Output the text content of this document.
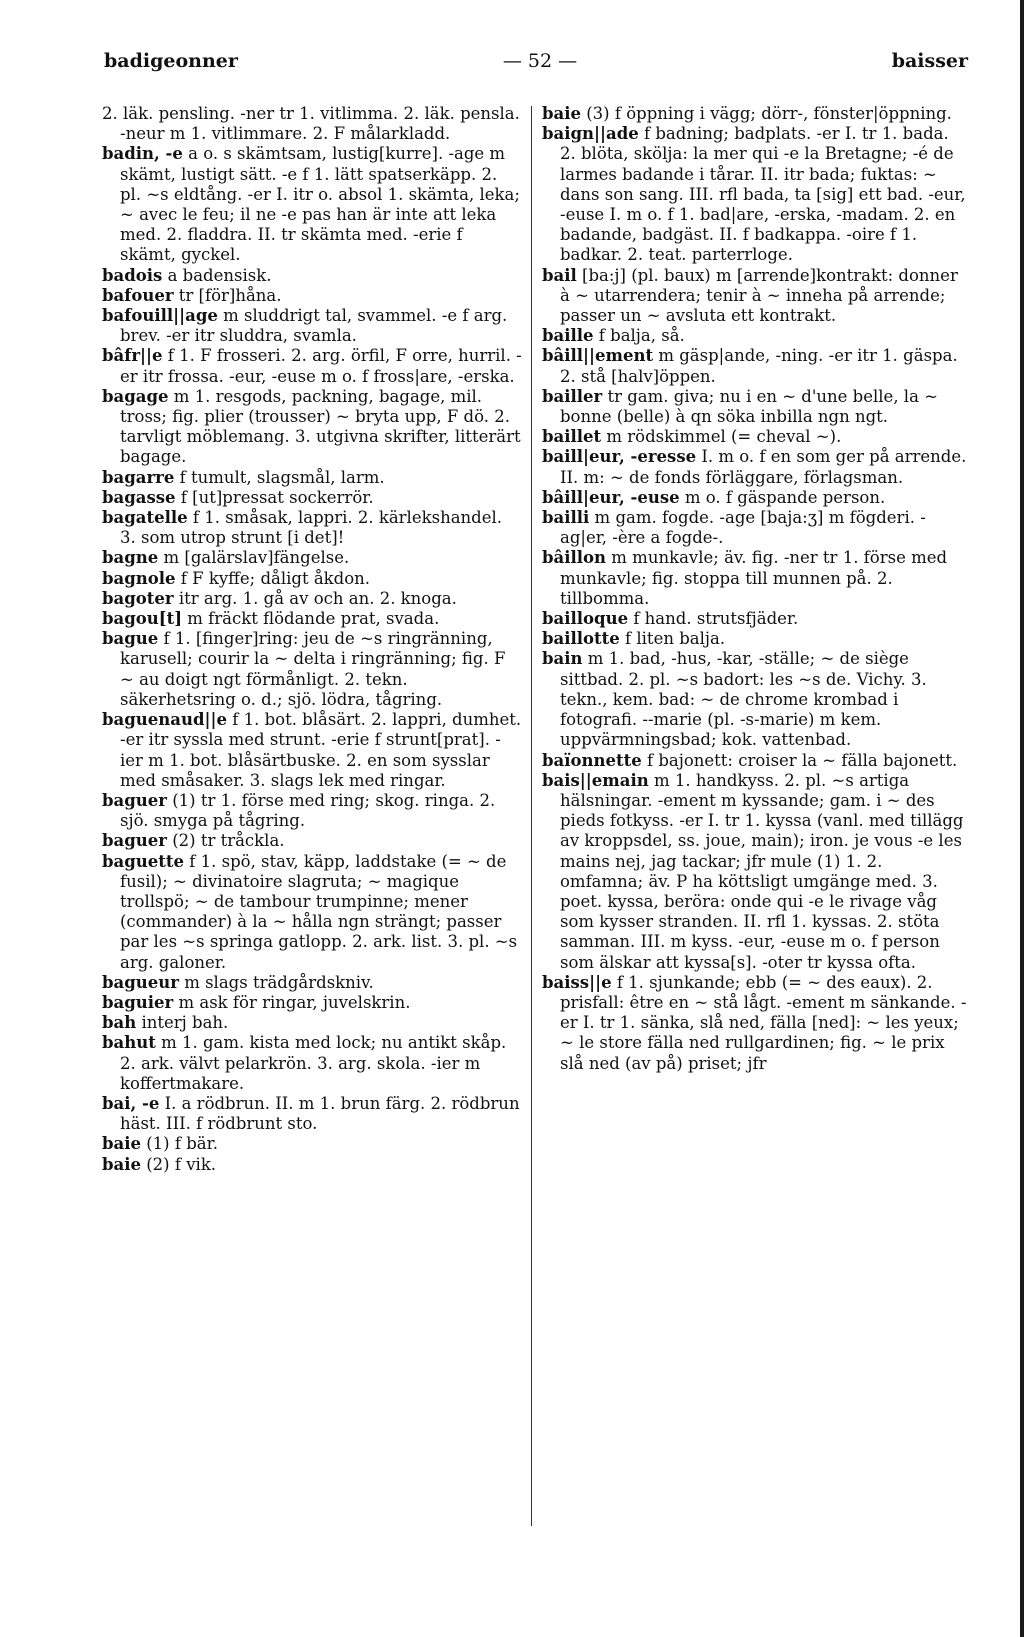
badigeonner	— 52 —	baisser

2. läk. pensling. -ner tr 1. vitlimma. 2. läk. pensla. -neur m 1. vitlimmare. 2. F målarkladd.

badin, -e a o. s skämtsam, lustig[kurre]. -age m skämt, lustigt sätt. -e f 1. lätt spatserkäpp. 2. pl. ~s eldtång. -er I. itr o. absol 1. skämta, leka; ~ avec le feu; il ne -e pas han är inte att leka med. 2. fladdra. II. tr skämta med. -erie f skämt, gyckel.

badois a badensisk.

bafouer tr [för]håna.

bafouill||age m sluddrigt tal, svammel. -e f arg. brev. -er itr sluddra, svamla.

bâfr||e f 1. F frosseri. 2. arg. örfil, F orre, hurril. -er itr frossa. -eur, -euse m o. f fross|are, -erska.

bagage m 1. resgods, packning, bagage, mil. tross; fig. plier (trousser) ~ bryta upp, F dö. 2. tarvligt möblemang. 3. utgivna skrifter, litterärt bagage.

bagarre f tumult, slagsmål, larm.

bagasse f [ut]pressat sockerrör.

bagatelle f 1. småsak, lappri. 2. kärlekshandel. 3. som utrop strunt [i det]!

bagne m [galärslav]fängelse.

bagnole f F kyffe; dåligt åkdon.

bagoter itr arg. 1. gå av och an. 2. knoga.

bagou[t] m fräckt flödande prat, svada.

bague f 1. [finger]ring: jeu de ~s ringränning, karusell; courir la ~ delta i ringränning; fig. F ~ au doigt ngt förmånligt. 2. tekn. säkerhetsring o. d.; sjö. lödra, tågring.

baguenaud||e f 1. bot. blåsärt. 2. lappri, dumhet. -er itr syssla med strunt. -erie f strunt[prat]. -ier m 1. bot. blåsärtbuske. 2. en som sysslar med småsaker. 3. slags lek med ringar.

baguer (1) tr 1. förse med ring; skog. ringa. 2. sjö. smyga på tågring.

baguer (2) tr tråckla.

baguette f 1. spö, stav, käpp, laddstake (= ~ de fusil); ~ divinatoire slagruta; ~ magique trollspö; ~ de tambour trumpinne; mener (commander) à la ~ hålla ngn strängt; passer par les ~s springa gatlopp. 2. ark. list. 3. pl. ~s arg. galoner.

bagueur m slags trädgårdskniv.

baguier m ask för ringar, juvelskrin.

bah interj bah.

bahut m 1. gam. kista med lock; nu antikt skåp. 2. ark. välvt pelarkrön. 3. arg. skola. -ier m koffertmakare.

bai, -e I. a rödbrun. II. m 1. brun färg. 2. rödbrun häst. III. f rödbrunt sto.

baie (1) f bär.

baie (2) f vik.

baie (3) f öppning i vägg; dörr-, fönster|öppning.

baign||ade f badning; badplats. -er I. tr 1. bada. 2. blöta, skölja: la mer qui -e la Bretagne; -é de larmes badande i tårar. II. itr bada; fuktas: ~ dans son sang. III. rfl bada, ta [sig] ett bad. -eur, -euse I. m o. f 1. bad|are, -erska, -madam. 2. en badande, badgäst. II. f badkappa. -oire f 1. badkar. 2. teat. parterrloge.

bail [ba:j] (pl. baux) m [arrende]kontrakt: donner à ~ utarrendera; tenir à ~ inneha på arrende; passer un ~ avsluta ett kontrakt.

baille f balja, så.

bâill||ement m gäsp|ande, -ning. -er itr 1. gäspa. 2. stå [halv]öppen.

bailler tr gam. giva; nu i en ~ d'une belle, la ~ bonne (belle) à qn söka inbilla ngn ngt.

baillet m rödskimmel (= cheval ~).

baill|eur, -eresse I. m o. f en som ger på arrende. II. m: ~ de fonds förläggare, förlagsman.

bâill|eur, -euse m o. f gäspande person.

bailli m gam. fogde. -age [baja:ʒ] m fögderi. -ag|er, -ère a fogde-.

bâillon m munkavle; äv. fig. -ner tr 1. förse med munkavle; fig. stoppa till munnen på. 2. tillbomma.

bailloque f hand. strutsfjäder.

baillotte f liten balja.

bain m 1. bad, -hus, -kar, -ställe; ~ de siège sittbad. 2. pl. ~s badort: les ~s de. Vichy. 3. tekn., kem. bad: ~ de chrome krombad i fotografi. --marie (pl. -s-marie) m kem. uppvärmningsbad; kok. vattenbad.

baïonnette f bajonett: croiser la ~ fälla bajonett.

bais||emain m 1. handkyss. 2. pl. ~s artiga hälsningar. -ement m kyssande; gam. i ~ des pieds fotkyss. -er I. tr 1. kyssa (vanl. med tillägg av kroppsdel, ss. joue, main); iron. je vous -e les mains nej, jag tackar; jfr mule (1) 1. 2. omfamna; äv. P ha köttsligt umgänge med. 3. poet. kyssa, beröra: onde qui -e le rivage våg som kysser stranden. II. rfl 1. kyssas. 2. stöta samman. III. m kyss. -eur, -euse m o. f person som älskar att kyssa[s]. -oter tr kyssa ofta.

baiss||e f 1. sjunkande; ebb (= ~ des eaux). 2. prisfall: être en ~ stå lågt. -ement m sänkande. -er I. tr 1. sänka, slå ned, fälla [ned]: ~ les yeux; ~ le store fälla ned rullgardinen; fig. ~ le prix slå ned (av på) priset; jfr
